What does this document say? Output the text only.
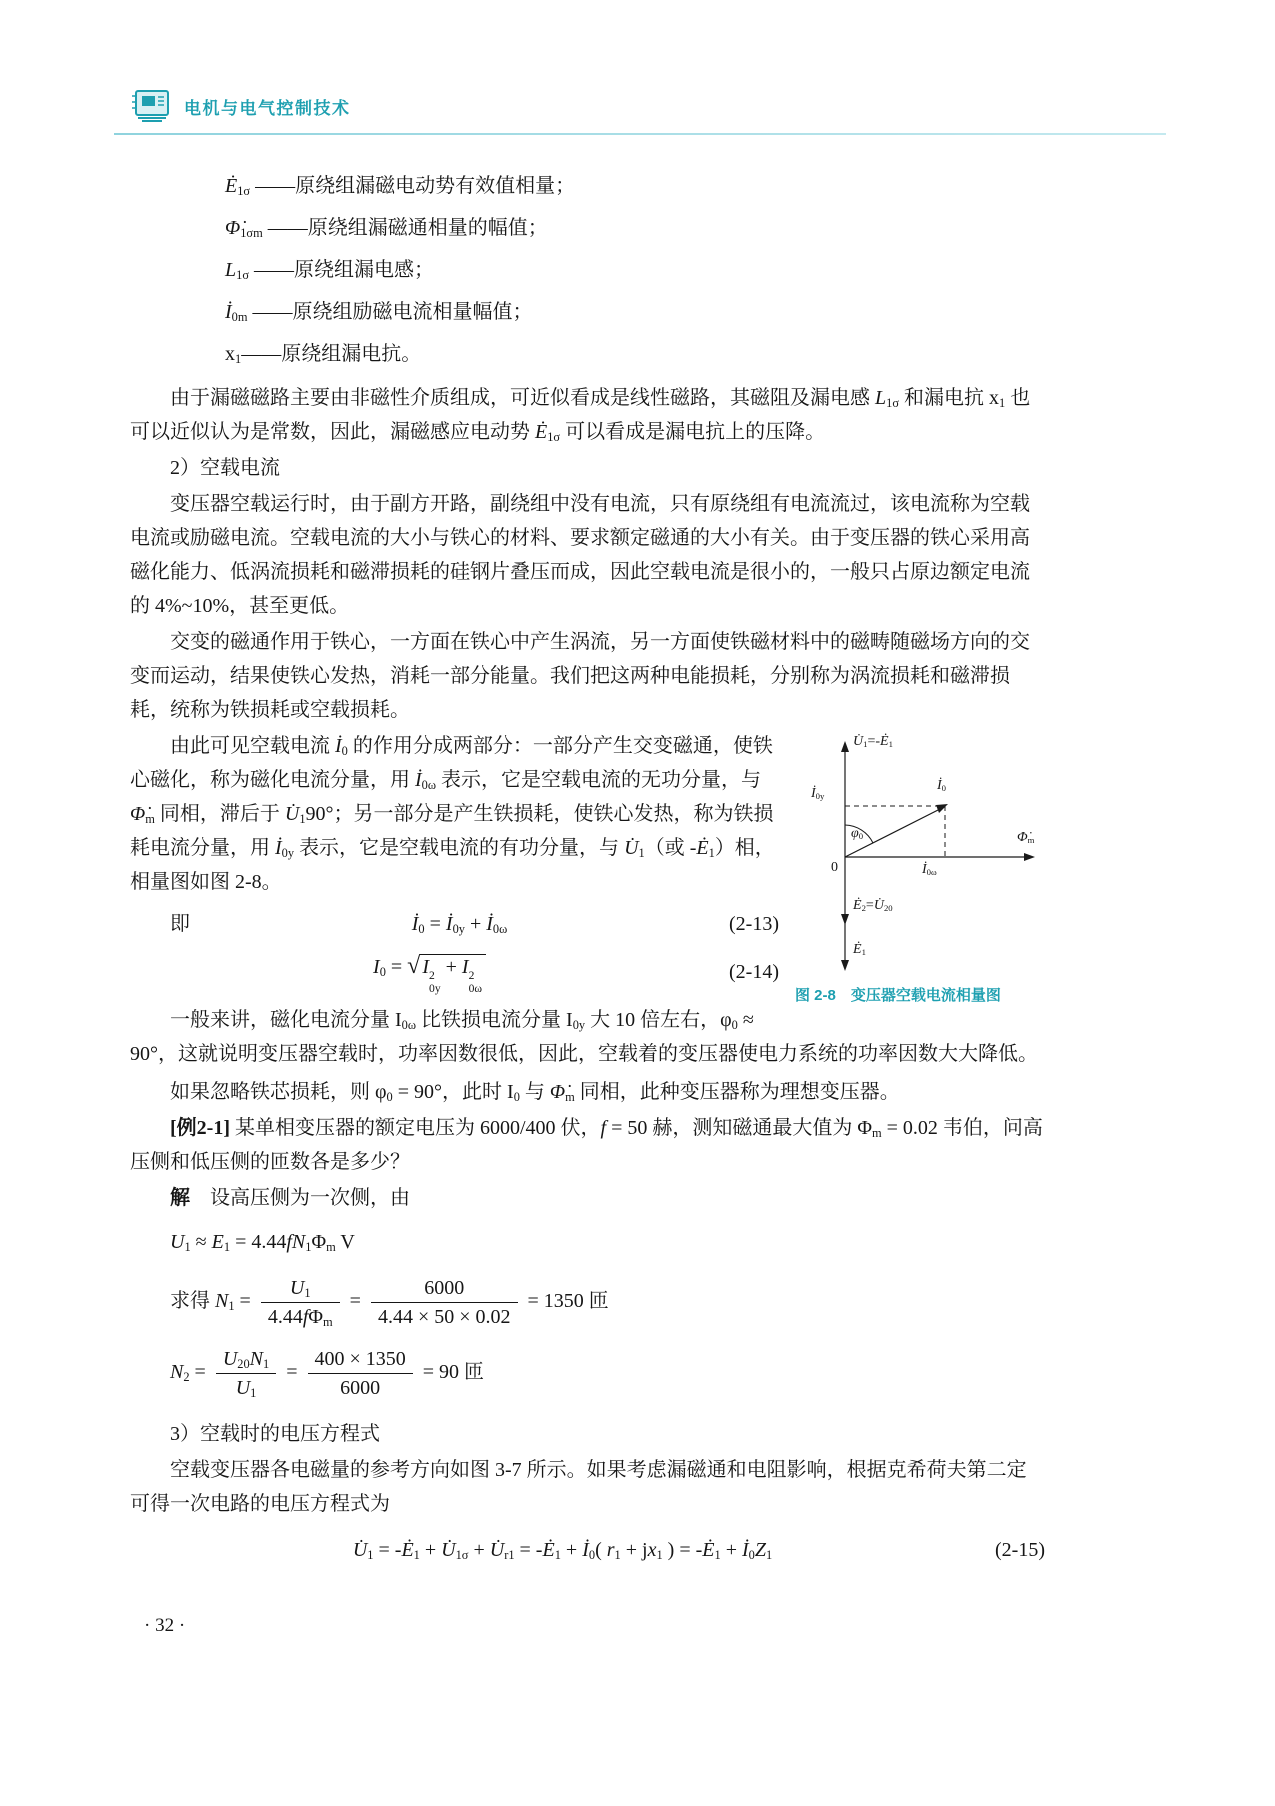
电机与电气控制技术
$Ė_{1\sigma}$ ——原绕组漏磁电动势有效值相量；
$\Phi̇_{1\sigma m}$ ——原绕组漏磁通相量的幅值；
$L_{1\sigma}$ ——原绕组漏电感；
$İ_{0m}$ ——原绕组励磁电流相量幅值；
$x_1——$原绕组漏电抗。

由于漏磁磁路主要由非磁性介质组成，可近似看成是线性磁路，其磁阻及漏电感 $L_{1\sigma}$ 和漏电抗 $x_1$ 也可以近似认为是常数，因此，漏磁感应电动势 $Ė_{1\sigma}$ 可以看成是漏电抗上的压降。

2）空载电流

变压器空载运行时，由于副方开路，副绕组中没有电流，只有原绕组有电流流过，该电流称为空载电流或励磁电流。空载电流的大小与铁心的材料、要求额定磁通的大小有关。由于变压器的铁心采用高磁化能力、低涡流损耗和磁滞损耗的硅钢片叠压而成，因此空载电流是很小的，一般只占原边额定电流的 4%~10%，甚至更低。

交变的磁通作用于铁心，一方面在铁心中产生涡流，另一方面使铁磁材料中的磁畴随磁场方向的交变而运动，结果使铁心发热，消耗一部分能量。我们把这两种电能损耗，分别称为涡流损耗和磁滞损耗，统称为铁损耗或空载损耗。

$U̇_1=-Ė_1$
$İ_{0y}$
$İ_0$
$\varphi_0$	$\Phi̇_m$
0	$İ_{0\omega}$
$Ė_2=U̇_{20}$
$Ė_1$
图 2-8　变压器空载电流相量图

由此可见空载电流 $İ_0$ 的作用分成两部分：一部分产生交变磁通，使铁心磁化，称为磁化电流分量，用 $İ_{0\omega}$ 表示，它是空载电流的无功分量，与 $\Phi̇_m$ 同相，滞后于 $U̇_190^\circ$；另一部分是产生铁损耗，使铁心发热，称为铁损耗电流分量，用 $İ_{0y}$ 表示，它是空载电流的有功分量，与 $U̇_1$（或 $-Ė_1$）相，相量图如图 2-8。

即	$İ_0$ = $İ_{0y}$ + $İ_{0\omega}$	(2-13)
$I_0$ = √ I 2
0y
+ I 2
0ω
(2-14)

一般来讲，磁化电流分量 $I_{0\omega}$ 比铁损电流分量 $I_{0y}$ 大 10 倍左右，$\varphi_0 \approx 90^\circ$，这就说明变压器空载时，功率因数很低，因此，空载着的变压器使电力系统的功率因数大大降低。

如果忽略铁芯损耗，则 $\varphi_0 = 90^\circ$，此时 $I_0$ 与 $\Phi̇_m$ 同相，此种变压器称为理想变压器。

[例2-1] 某单相变压器的额定电压为 6000/400 伏，f = 50 赫，测知磁通最大值为 $\Phi_m = 0.02$ 韦伯，问高压侧和低压侧的匝数各是多少？

解　设高压侧为一次侧，由

$U_1 \approx E_1 = 4.44fN_1\Phi_m$ V
求得 $N_1 = \frac{U_1}{4.44f\Phi_m} = \frac{6000}{4.44 \times 50 \times 0.02} = 1350$ 匝
$N_2 = \frac{U_{20}N_1}{U_1} = \frac{400 \times 1350}{6000} = 90$ 匝

3）空载时的电压方程式

空载变压器各电磁量的参考方向如图 3-7 所示。如果考虑漏磁通和电阻影响，根据克希荷夫第二定可得一次电路的电压方程式为

$U̇_1$ = $-Ė_1$ + $U̇_{1\sigma}$ + $U̇_{r1}$ = $-Ė_1$ + $İ_0$( $r_1 + jx_1$ ) = $-Ė_1$ + $İ_0Z_1$	(2-15)
· 32 ·
